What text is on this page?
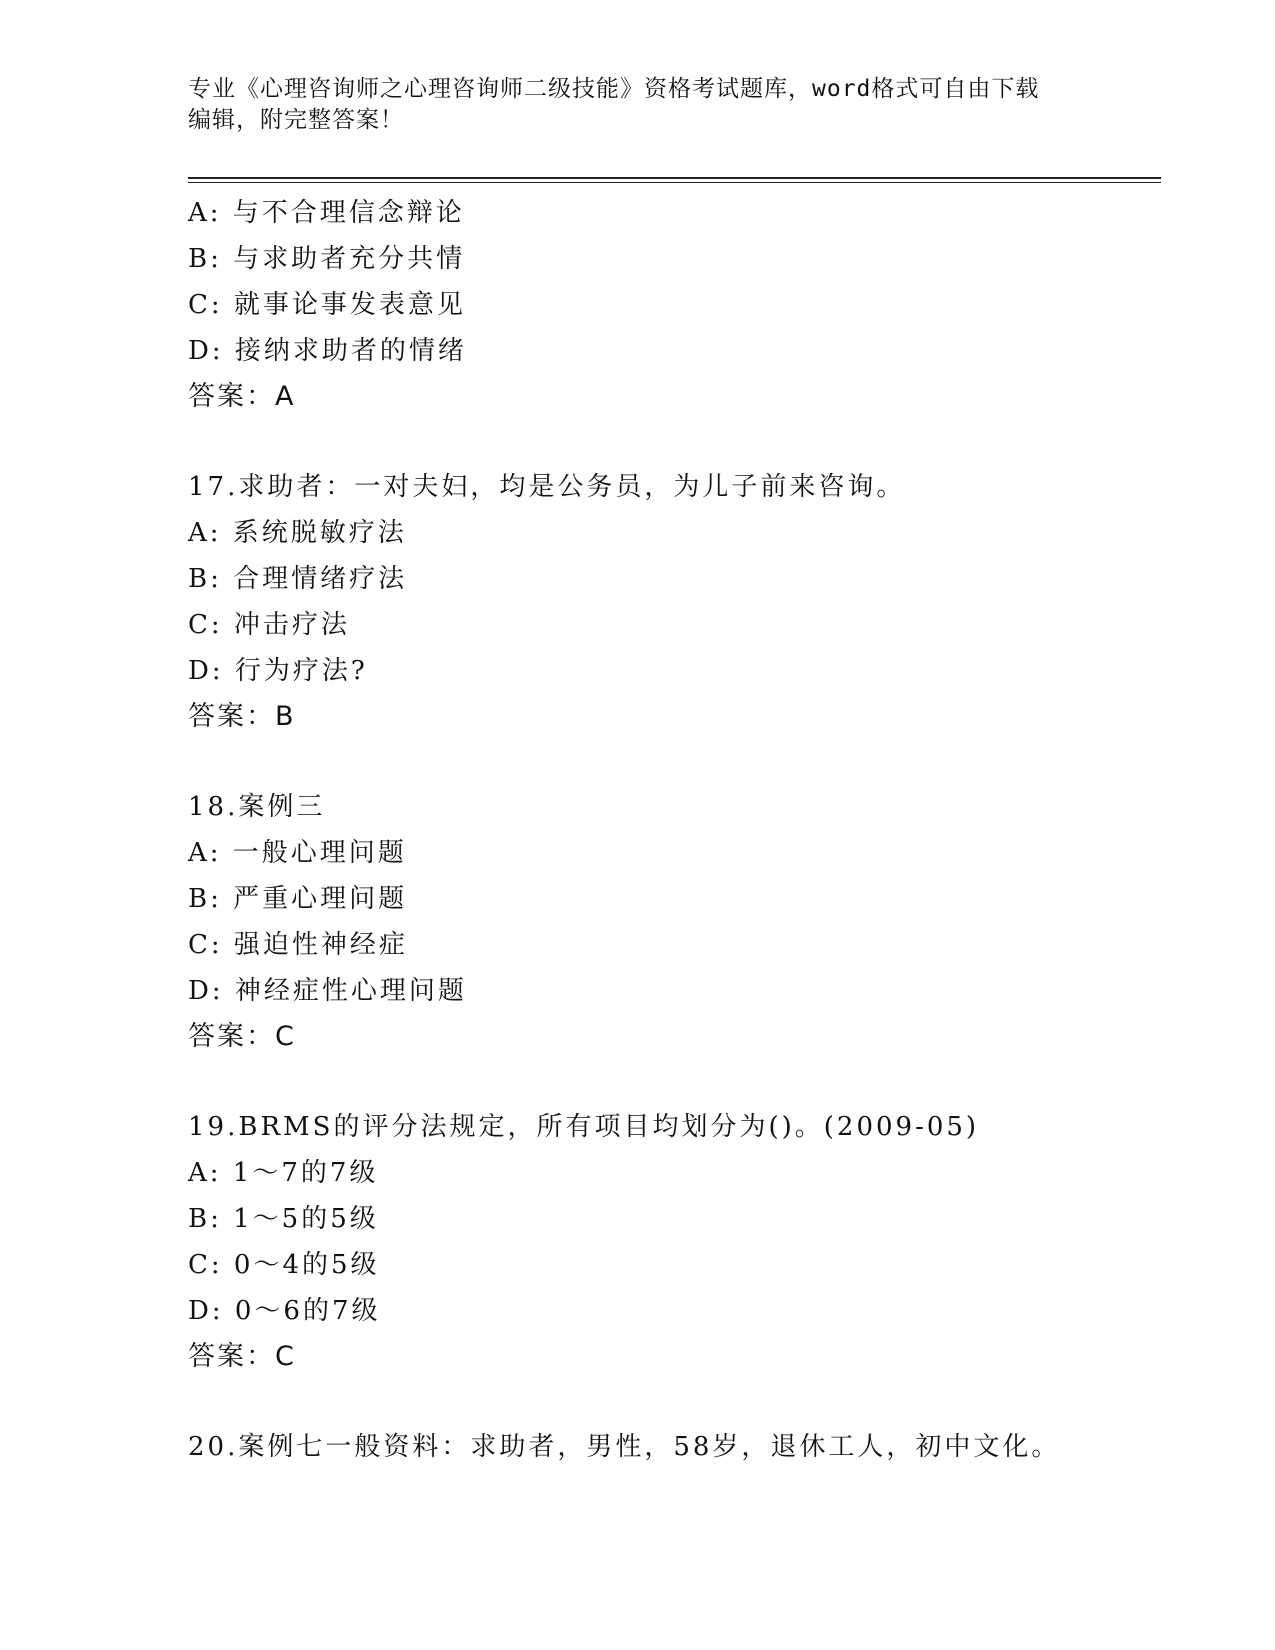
专业《心理咨询师之心理咨询师二级技能》资格考试题库，word格式可自由下载
编辑，附完整答案！
A: 与不合理信念辩论
B: 与求助者充分共情
C: 就事论事发表意见
D: 接纳求助者的情绪
答案：A
17.求助者：一对夫妇，均是公务员，为儿子前来咨询。
A: 系统脱敏疗法
B: 合理情绪疗法
C: 冲击疗法
D: 行为疗法?
答案：B
18.案例三
A: 一般心理问题
B: 严重心理问题
C: 强迫性神经症
D: 神经症性心理问题
答案：C
19.BRMS的评分法规定，所有项目均划分为()。(2009-05)
A: 1～7的7级
B: 1～5的5级
C: 0～4的5级
D: 0～6的7级
答案：C
20.案例七一般资料：求助者，男性，58岁，退休工人，初中文化。
